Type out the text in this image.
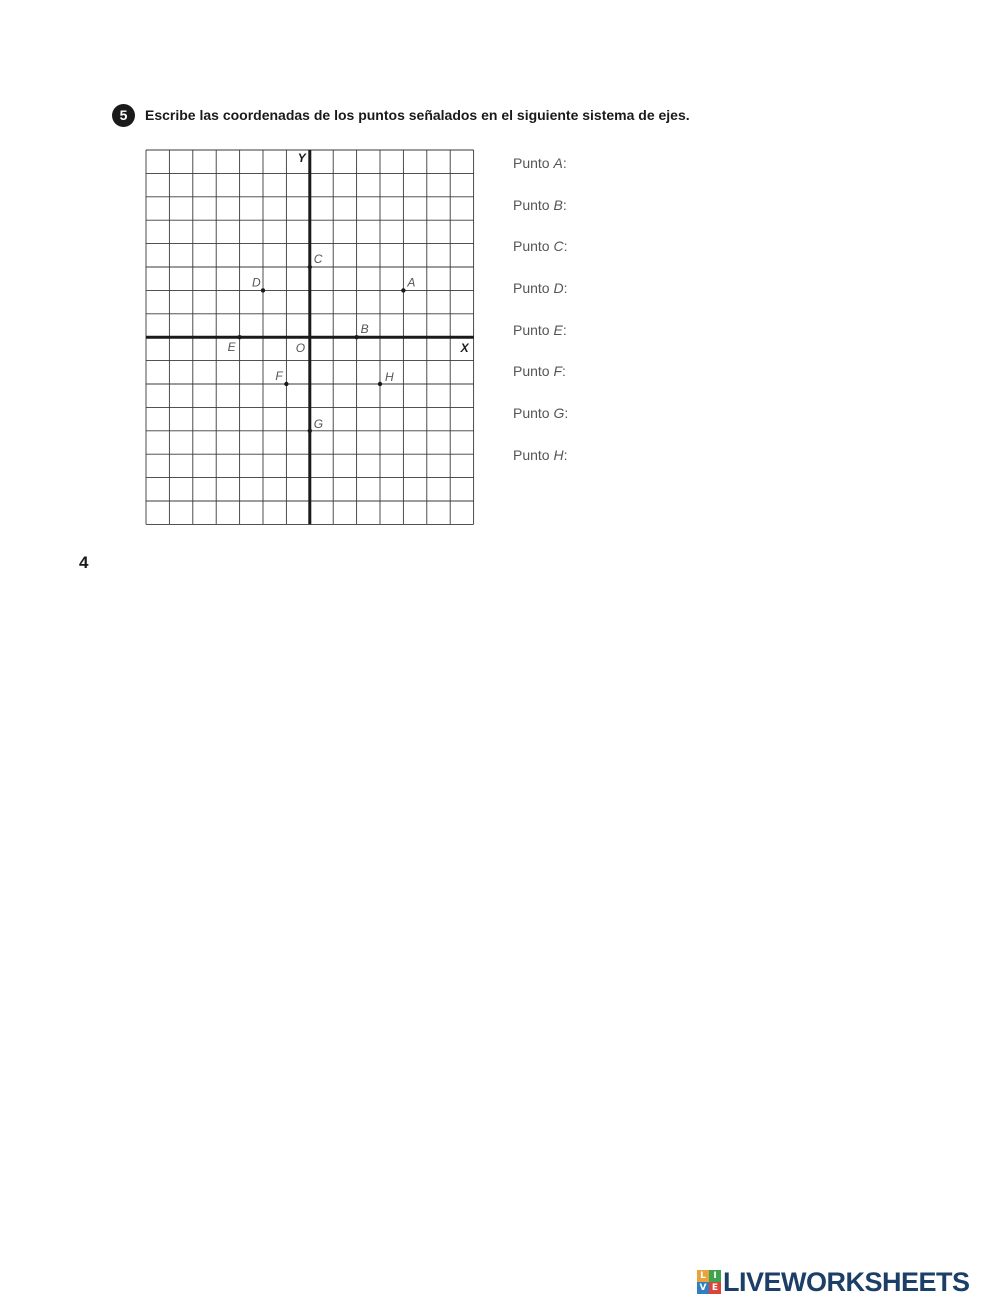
5	Escribe las coordenadas de los puntos señalados en el siguiente sistema de ejes.
Y
X
O
A
B
C
D
E
F
G
H
Punto A:
Punto B:
Punto C:
Punto D:
Punto E:
Punto F:
Punto G:
Punto H:
4
L I
V E LIVEWORKSHEETS
